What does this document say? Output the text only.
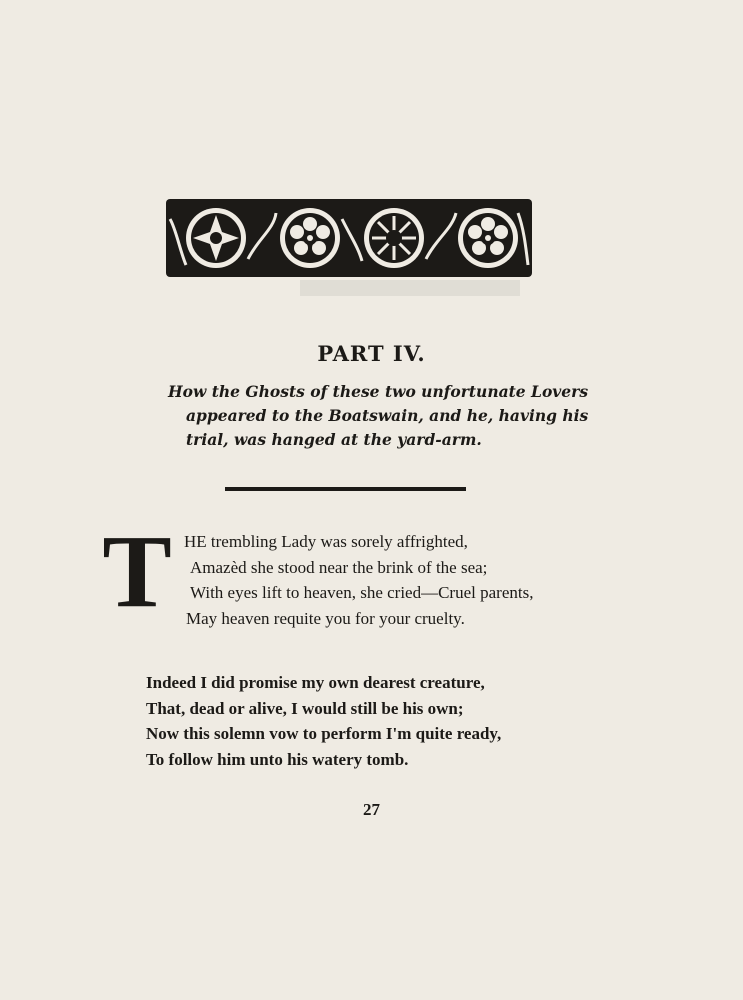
PART IV.
How the Ghosts of these two unfortunate Lovers
appeared to the Boatswain, and he, having his
trial, was hanged at the yard-arm.
T HE trembling Lady was sorely affrighted,
Amazèd she stood near the brink of the sea;
With eyes lift to heaven, she cried—Cruel parents,
May heaven requite you for your cruelty.
Indeed I did promise my own dearest creature,
That, dead or alive, I would still be his own;
Now this solemn vow to perform I'm quite ready,
To follow him unto his watery tomb.
27
